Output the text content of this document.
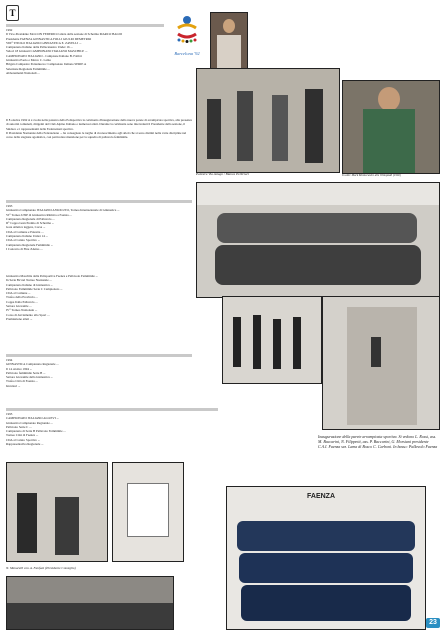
T
Barcelona '92
1992
Il Vice-Presidente FALCON FEDERICO atleta della sezione di Scherma MARCO BALDI
Presidente FAENZA GINNASTICA FOLLI GIULIO DEMETRIO
VIII° TITOLO ITALIANO GINNASTICA E. ZAVELLI ...
Campionato Italiano della Pallacanestro Under 16 ...
Veloci 18 Ginnasti CAMPIONATO ITALIANO MASCHILE ...
CAMPIONATO ITALIANO - Campione Italiano B. Fabbri
Ginnastica Paolo e Marco C. Lama
Brigata Campestre Pontenuovo: Campionato Italiano SERIE A
Selezione Regionale Femminile ...
Abbonamenti Nazionali ...
Palestra Via Asiago / Bianca Pelliciari	In alto: Mark Montecastro alle Olimpiadi (1992)
Il 8 ottobre 1992 si è svolta nella palestra della Polisportiva la cerimonia d'inaugurazione della nuova parete di arrampicata sportiva, alla presenza di autorità comunali, dirigenti del Club Alpino Italiano e numerosi atleti. Durante la cerimonia sono intervenuti il Presidente della sezione, il Sindaco e i rappresentanti delle Federazioni sportive.
Il Presidente Nazionale della Federazione ... ha consegnato le targhe di riconoscimento agli atleti che si sono distinti nelle varie discipline nel corso della stagione agonistica, con particolare menzione per la squadra di pallavolo femminile.
1993
Ginnastica Campionato ITALIANO ASSOLUTO, Torneo Internazionale di Ginnastica ...
VI° Torneo UISP di Ginnastica Ritmica a Faenza ...
Campionato Regionale di Pallavolo ...
II° Coppa Gran Premio di Scherma ...
Gara Atletica leggera, Corsa ...
CDA al Comune e Palestra ...
Campionato Italiano Under 14 ...
CDA al Centro Sportivo ...
Campionato Regionale Femminile ...
I Concerto di Fine d'Anno ...
Ginnastica Maschile dalla Polisportiva Faenza e Pallavolo Femminile ...
In Serie B2 nel Torneo Nazionale ...
Campionato Italiano di Ginnastica ...
Pallavolo Femminile Serie C Campionato ...
CDA al Comune ...
Trofeo della Provincia ...
Coppa Italia Pallavolo ...
Settore Giovanile ...
IV° Torneo Nazionale ...
Corso di Avviamento allo Sport ...
Premiazione atleti ...
1994
GINNASTICA Campionato Regionale ...
Il 14 ottobre 1994 ...
Pallavolo femminile Serie B ...
Settore Giovanile della Ginnastica ...
Trofeo Città di Faenza ...
Istruttori ...
1995
CAMPIONATO ITALIANO ALLIEVI ...
Ginnastica Campionato Regionale ...
Pallavolo Serie C ...
Campionato di Serie B Pallavolo Femminile ...
Torneo Città di Faenza ...
CDA al Centro Sportivo ...
Rappresentativa Regionale ...
Inaugurazione della parete arrampicata sportiva. Si vedono L. Rossi, ass. M. Baccarini, N. Filippetti, ass. P. Baccarini, G. Morsiani presidente C.A.I. Faenza sez. Lama di Bosco C. Carboni. In basso: Pallavolo Faenza
N. Menarelli con A. Fanfani (Presidente Consiglio)
FAENZA
23
